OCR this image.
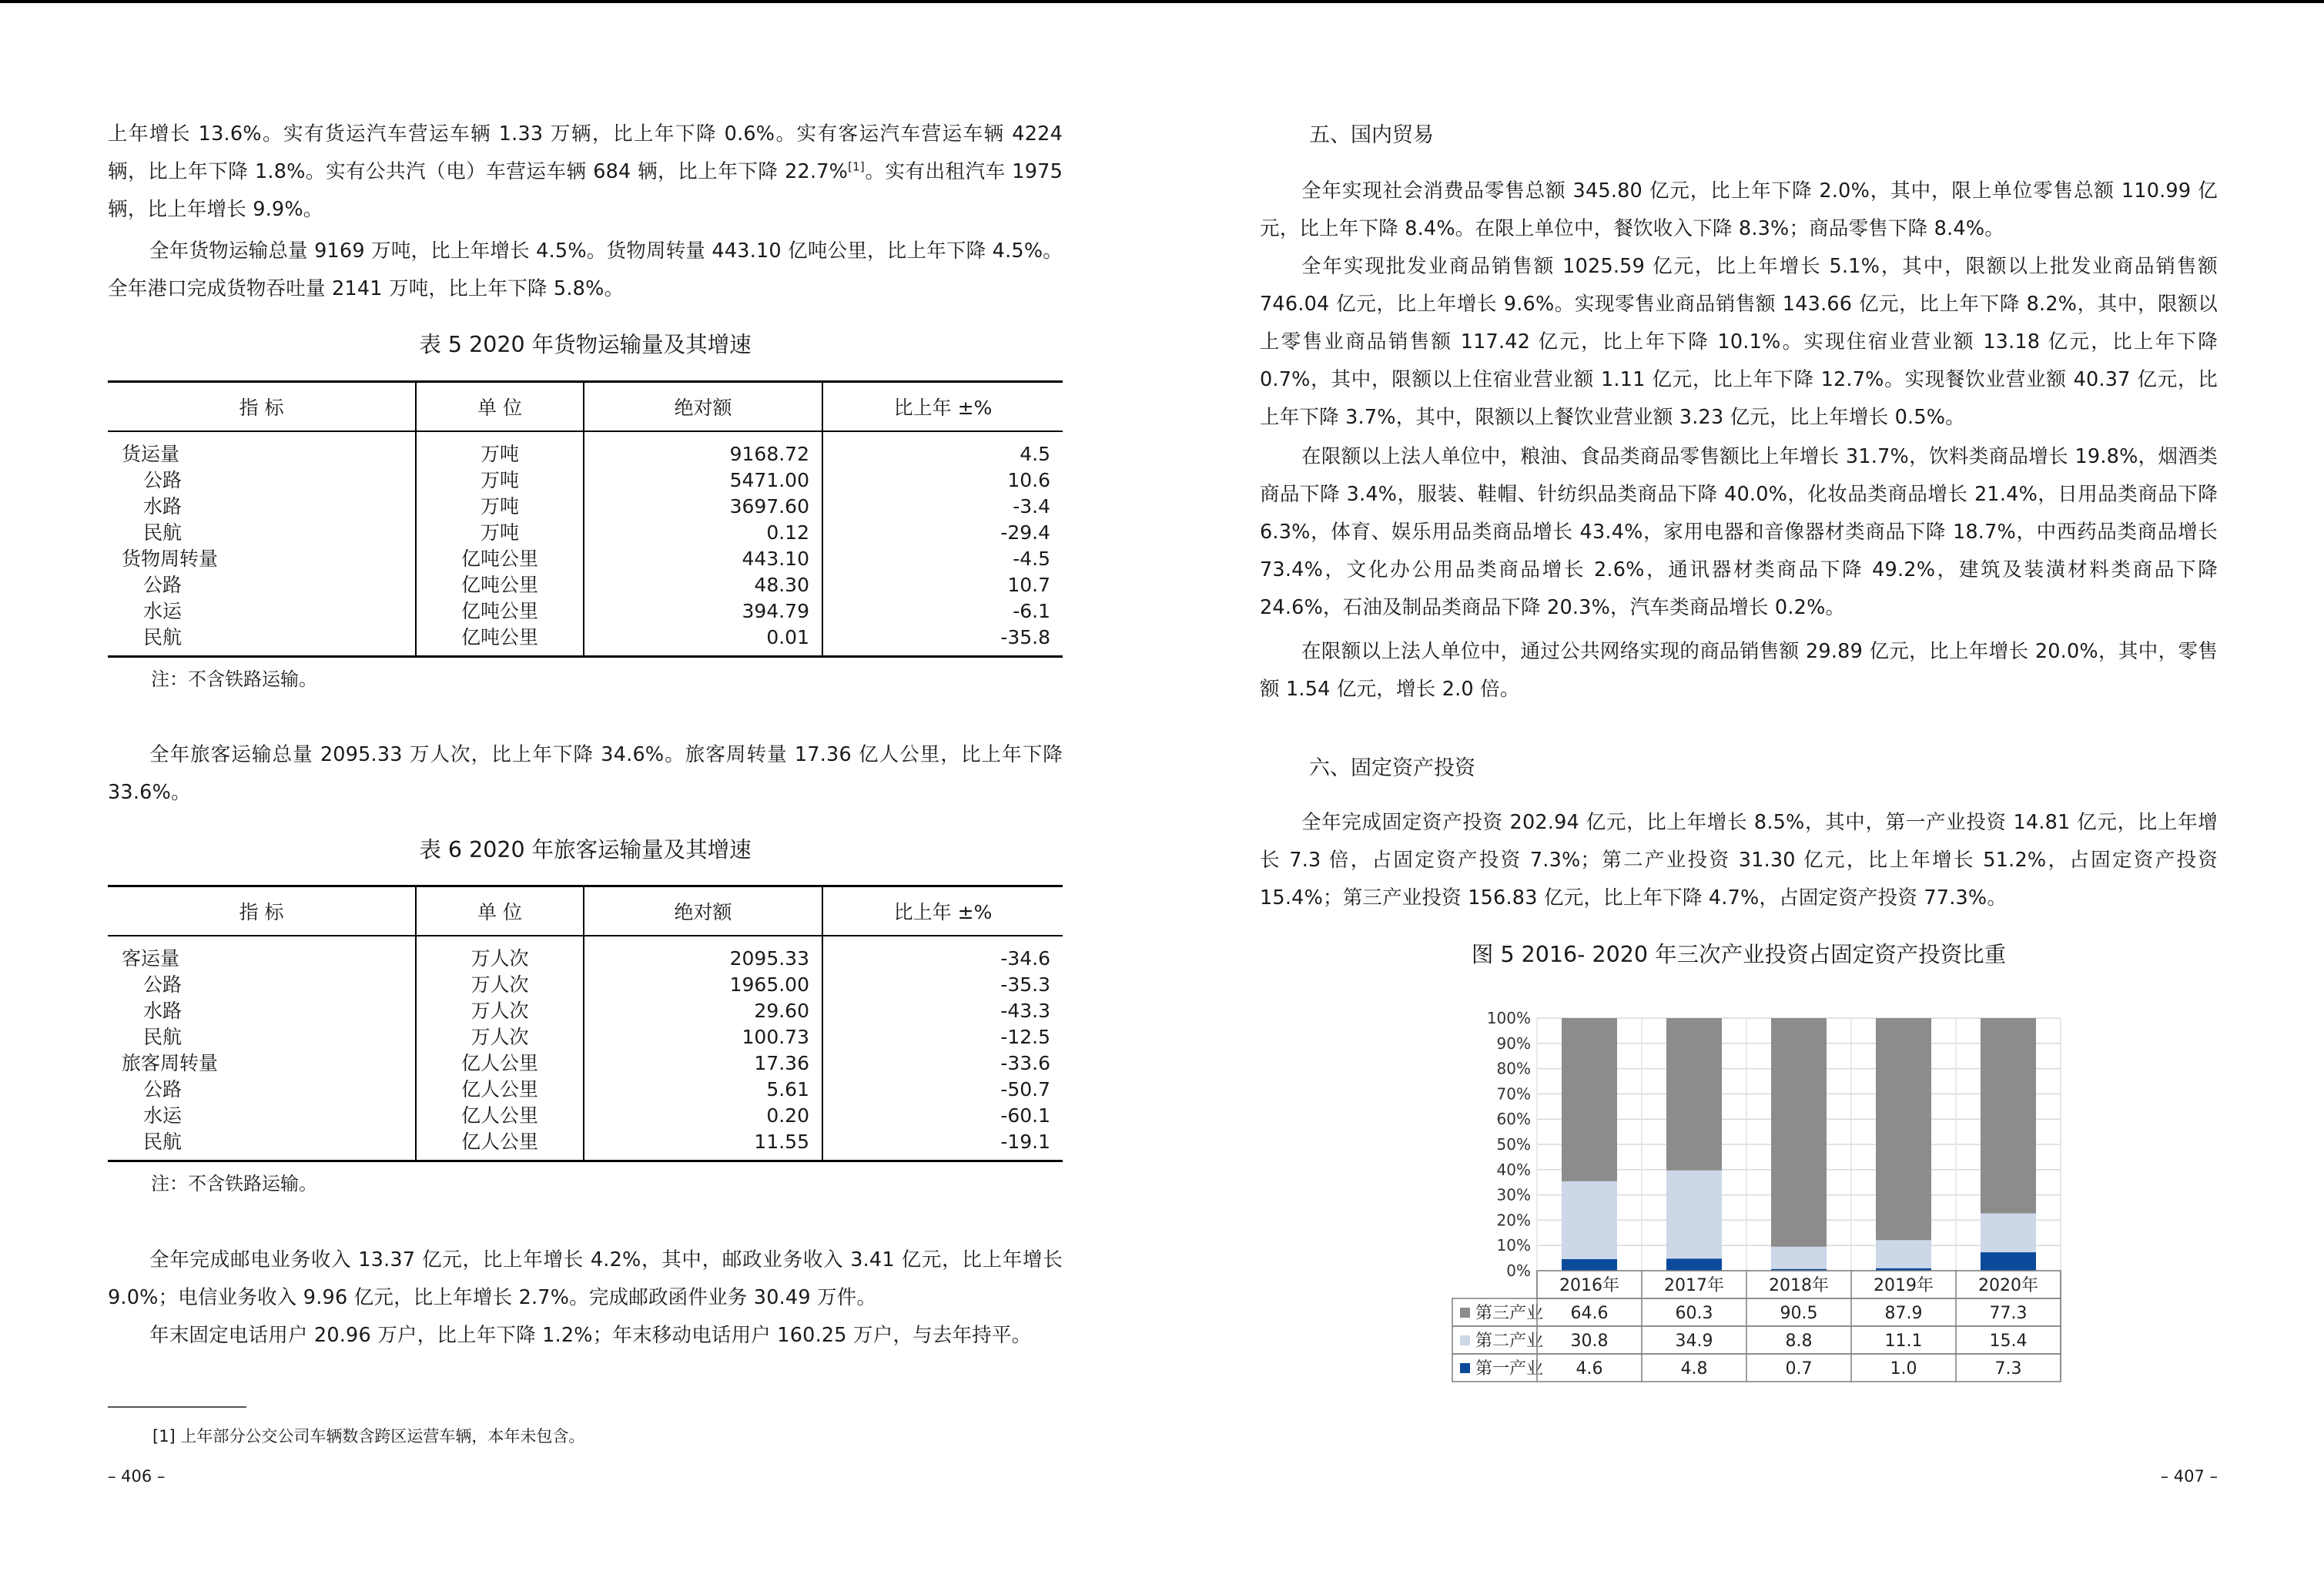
上年增长 13.6%。实有货运汽车营运车辆 1.33 万辆，比上年下降 0.6%。实有客运汽车营运车辆 4224 辆，比上年下降 1.8%。实有公共汽（电）车营运车辆 684 辆，比上年下降 22.7%[1]。实有出租汽车 1975 辆，比上年增长 9.9%。

全年货物运输总量 9169 万吨，比上年增长 4.5%。货物周转量 443.10 亿吨公里，比上年下降 4.5%。全年港口完成货物吞吐量 2141 万吨，比上年下降 5.8%。

表 5 2020 年货物运输量及其增速
指 标	单 位	绝对额	比上年 ±%
货运量	万吨	9168.72	4.5
公路	万吨	5471.00	10.6
水路	万吨	3697.60	-3.4
民航	万吨	0.12	-29.4
货物周转量	亿吨公里	443.10	-4.5
公路	亿吨公里	48.30	10.7
水运	亿吨公里	394.79	-6.1
民航	亿吨公里	0.01	-35.8
注：不含铁路运输。

全年旅客运输总量 2095.33 万人次，比上年下降 34.6%。旅客周转量 17.36 亿人公里，比上年下降 33.6%。

表 6 2020 年旅客运输量及其增速
指 标	单 位	绝对额	比上年 ±%
客运量	万人次	2095.33	-34.6
公路	万人次	1965.00	-35.3
水路	万人次	29.60	-43.3
民航	万人次	100.73	-12.5
旅客周转量	亿人公里	17.36	-33.6
公路	亿人公里	5.61	-50.7
水运	亿人公里	0.20	-60.1
民航	亿人公里	11.55	-19.1
注：不含铁路运输。

全年完成邮电业务收入 13.37 亿元，比上年增长 4.2%，其中，邮政业务收入 3.41 亿元，比上年增长 9.0%；电信业务收入 9.96 亿元，比上年增长 2.7%。完成邮政函件业务 30.49 万件。

年末固定电话用户 20.96 万户，比上年下降 1.2%；年末移动电话用户 160.25 万户，与去年持平。

[1] 上年部分公交公司车辆数含跨区运营车辆，本年未包含。
– 406 –
五、国内贸易

全年实现社会消费品零售总额 345.80 亿元，比上年下降 2.0%，其中，限上单位零售总额 110.99 亿元，比上年下降 8.4%。在限上单位中，餐饮收入下降 8.3%；商品零售下降 8.4%。

全年实现批发业商品销售额 1025.59 亿元，比上年增长 5.1%，其中，限额以上批发业商品销售额 746.04 亿元，比上年增长 9.6%。实现零售业商品销售额 143.66 亿元，比上年下降 8.2%，其中，限额以上零售业商品销售额 117.42 亿元，比上年下降 10.1%。实现住宿业营业额 13.18 亿元，比上年下降 0.7%，其中，限额以上住宿业营业额 1.11 亿元，比上年下降 12.7%。实现餐饮业营业额 40.37 亿元，比上年下降 3.7%，其中，限额以上餐饮业营业额 3.23 亿元，比上年增长 0.5%。

在限额以上法人单位中，粮油、食品类商品零售额比上年增长 31.7%，饮料类商品增长 19.8%，烟酒类商品下降 3.4%，服装、鞋帽、针纺织品类商品下降 40.0%，化妆品类商品增长 21.4%，日用品类商品下降 6.3%，体育、娱乐用品类商品增长 43.4%，家用电器和音像器材类商品下降 18.7%，中西药品类商品增长 73.4%，文化办公用品类商品增长 2.6%，通讯器材类商品下降 49.2%，建筑及装潢材料类商品下降 24.6%，石油及制品类商品下降 20.3%，汽车类商品增长 0.2%。

在限额以上法人单位中，通过公共网络实现的商品销售额 29.89 亿元，比上年增长 20.0%，其中，零售额 1.54 亿元，增长 2.0 倍。

六、固定资产投资

全年完成固定资产投资 202.94 亿元，比上年增长 8.5%，其中，第一产业投资 14.81 亿元，比上年增长 7.3 倍，占固定资产投资 7.3%；第二产业投资 31.30 亿元，比上年增长 51.2%，占固定资产投资 15.4%；第三产业投资 156.83 亿元，比上年下降 4.7%，占固定资产投资 77.3%。

图 5 2016- 2020 年三次产业投资占固定资产投资比重
0%
10%
20%
30%
40%
50%
60%
70%
80%
90%
100%
2016年	2017年	2018年	2019年	2020年
第三产业 64.6	60.3	90.5	87.9	77.3
第二产业 30.8	34.9	8.8	11.1	15.4
第一产业 4.6	4.8	0.7	1.0	7.3
– 407 –
